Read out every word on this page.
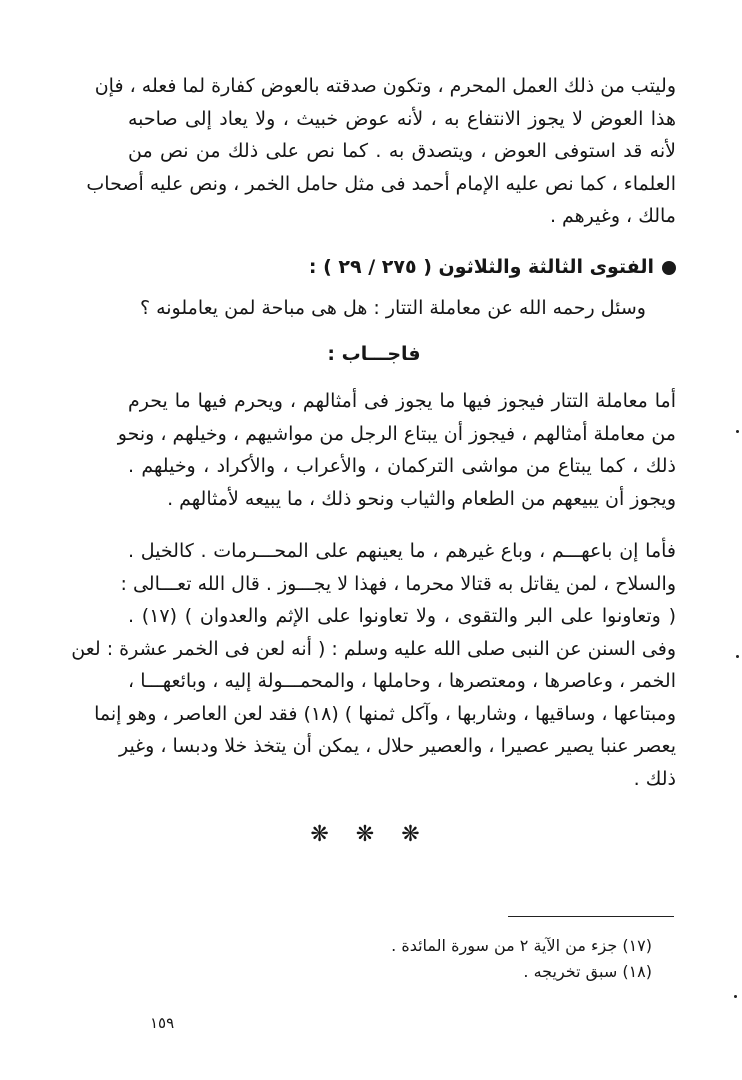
وليتب من ذلك العمل المحرم ، وتكون صدقته بالعوض كفارة لما فعله ، فإن
هذا العوض لا يجوز الانتفاع به ، لأنه عوض خبيث ، ولا يعاد إلى صاحبه
لأنه قد استوفى العوض ، ويتصدق به . كما نص على ذلك من نص من
العلماء ، كما نص عليه الإمام أحمد فى مثل حامل الخمر ، ونص عليه أصحاب
مالك ، وغيرهم .
الفتوى الثالثة والثلاثون ( ٢٧٥ / ٢٩ ) :
وسئل رحمه الله عن معاملة التتار : هل هى مباحة لمن يعاملونه ؟
فاجـــاب :
أما معاملة التتار فيجوز فيها ما يجوز فى أمثالهم ، ويحرم فيها ما يحرم
من معاملة أمثالهم ، فيجوز أن يبتاع الرجل من مواشيهم ، وخيلهم ، ونحو
ذلك ، كما يبتاع من مواشى التركمان ، والأعراب ، والأكراد ، وخيلهم .
ويجوز أن يبيعهم من الطعام والثياب ونحو ذلك ، ما يبيعه لأمثالهم .
فأما إن باعهـــم ، وباع غيرهم ، ما يعينهم على المحـــرمات . كالخيل .
والسلاح ، لمن يقاتل به قتالا محرما ، فهذا لا يجـــوز . قال الله تعـــالى :
( وتعاونوا على البر والتقوى ، ولا تعاونوا على الإثم والعدوان ) (١٧) .
وفى السنن عن النبى صلى الله عليه وسلم : ( أنه لعن فى الخمر عشرة : لعن
الخمر ، وعاصرها ، ومعتصرها ، وحاملها ، والمحمـــولة إليه ، وبائعهـــا ،
ومبتاعها ، وساقيها ، وشاربها ، وآكل ثمنها ) (١٨) فقد لعن العاصر ، وهو إنما
يعصر عنبا يصير عصيرا ، والعصير حلال ، يمكن أن يتخذ خلا ودبسا ، وغير
ذلك .
❋ ❋ ❋
(١٧) جزء من الآية ٢ من سورة المائدة .
(١٨) سبق تخريجه .
١٥٩
